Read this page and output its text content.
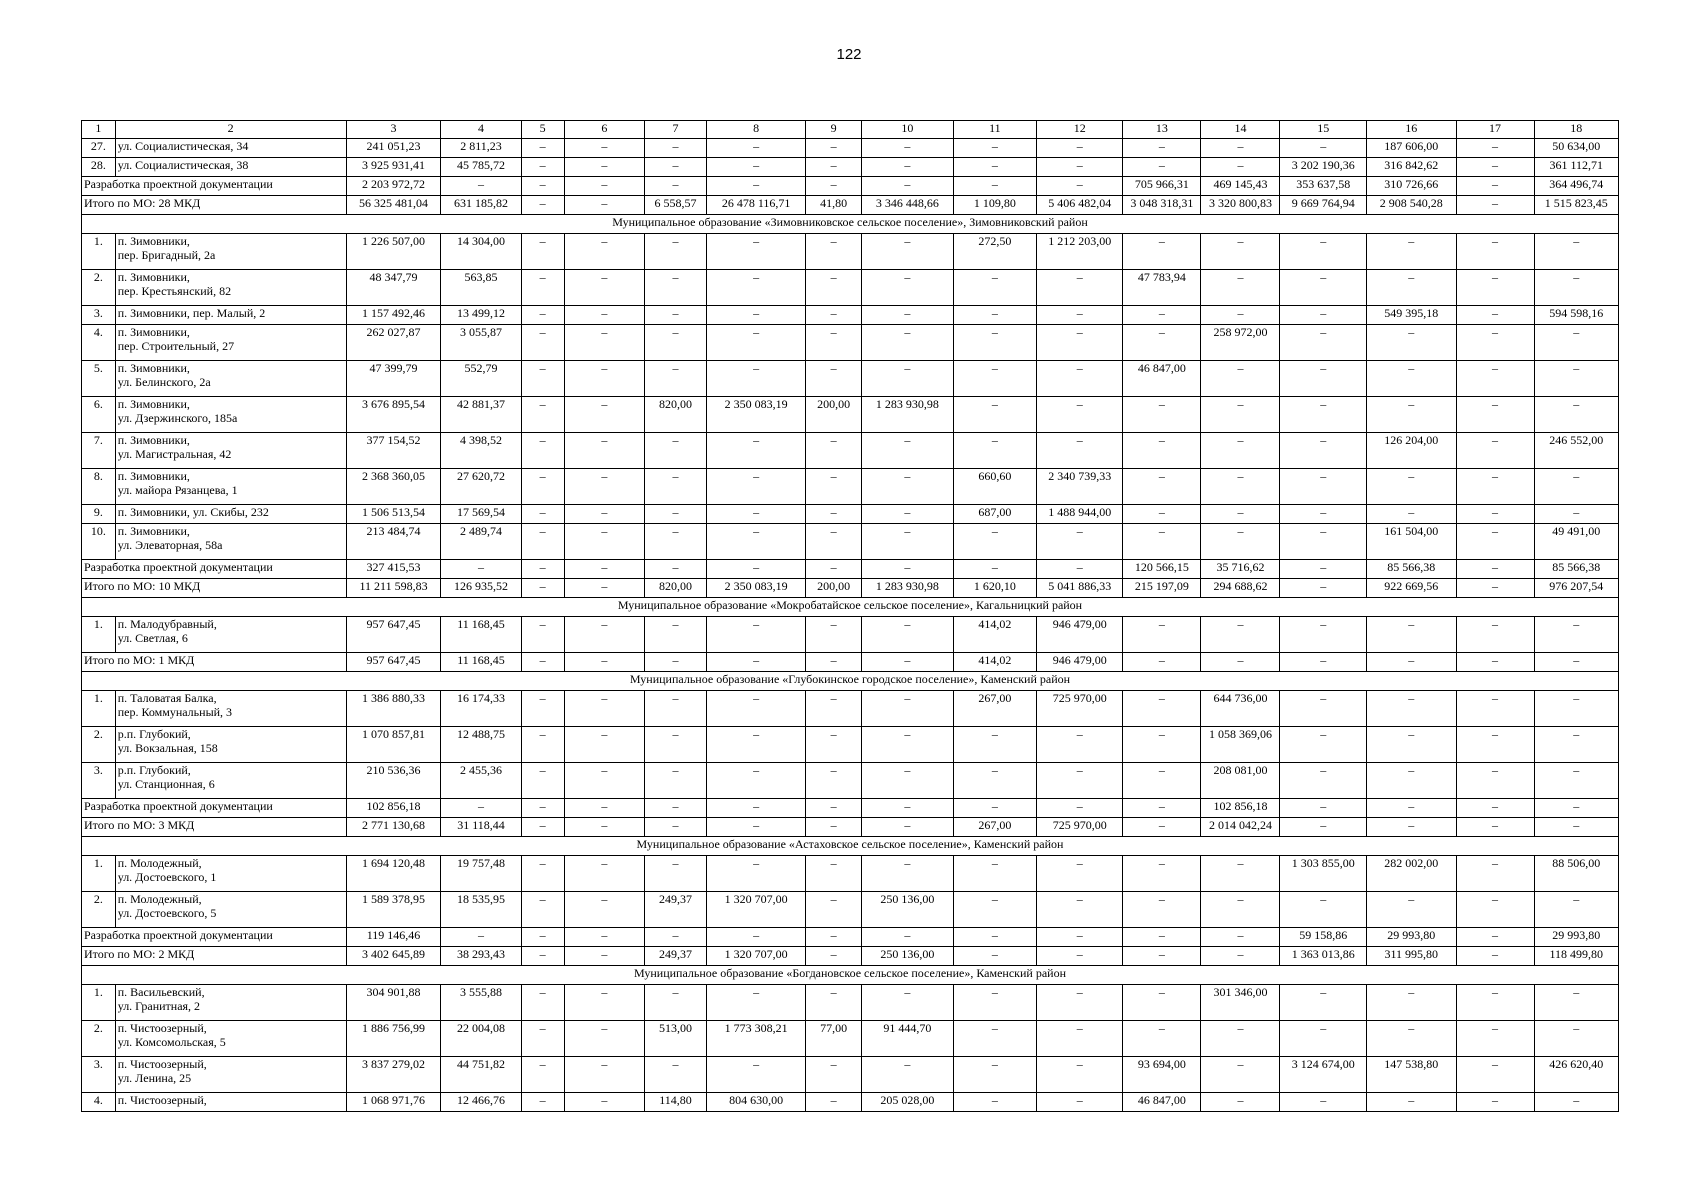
122
1	2	3	4	5	6	7	8	9	10	11	12	13	14	15	16	17	18
27.	ул. Социалистическая, 34	241 051,23	2 811,23	–	–	–	–	–	–	–	–	–	–	–	187 606,00	–	50 634,00
28.	ул. Социалистическая, 38	3 925 931,41	45 785,72	–	–	–	–	–	–	–	–	–	–	3 202 190,36	316 842,62	–	361 112,71
Разработка проектной документации		2 203 972,72	–	–	–	–	–	–	–	–	–	705 966,31	469 145,43	353 637,58	310 726,66	–	364 496,74
Итого по МО: 28 МКД		56 325 481,04	631 185,82	–	–	6 558,57	26 478 116,71	41,80	3 346 448,66	1 109,80	5 406 482,04	3 048 318,31	3 320 800,83	9 669 764,94	2 908 540,28	–	1 515 823,45
Муниципальное образование «Зимовниковское сельское поселение», Зимовниковский район																	
1.	п. Зимовники,
пер. Бригадный, 2а	1 226 507,00	14 304,00	–	–	–	–	–	–	272,50	1 212 203,00	–	–	–	–	–	–
2.	п. Зимовники,
пер. Крестьянский, 82	48 347,79	563,85	–	–	–	–	–	–	–	–	47 783,94	–	–	–	–	–
3.	п. Зимовники, пер. Малый, 2	1 157 492,46	13 499,12	–	–	–	–	–	–	–	–	–	–	–	549 395,18	–	594 598,16
4.	п. Зимовники,
пер. Строительный, 27	262 027,87	3 055,87	–	–	–	–	–	–	–	–	–	258 972,00	–	–	–	–
5.	п. Зимовники,
ул. Белинского, 2а	47 399,79	552,79	–	–	–	–	–	–	–	–	46 847,00	–	–	–	–	–
6.	п. Зимовники,
ул. Дзержинского, 185а	3 676 895,54	42 881,37	–	–	820,00	2 350 083,19	200,00	1 283 930,98	–	–	–	–	–	–	–	–
7.	п. Зимовники,
ул. Магистральная, 42	377 154,52	4 398,52	–	–	–	–	–	–	–	–	–	–	–	126 204,00	–	246 552,00
8.	п. Зимовники,
ул. майора Рязанцева, 1	2 368 360,05	27 620,72	–	–	–	–	–	–	660,60	2 340 739,33	–	–	–	–	–	–
9.	п. Зимовники, ул. Скибы, 232	1 506 513,54	17 569,54	–	–	–	–	–	–	687,00	1 488 944,00	–	–	–	–	–	–
10.	п. Зимовники,
ул. Элеваторная, 58а	213 484,74	2 489,74	–	–	–	–	–	–	–	–	–	–	–	161 504,00	–	49 491,00
Разработка проектной документации		327 415,53	–	–	–	–	–	–	–	–	–	120 566,15	35 716,62	–	85 566,38	–	85 566,38
Итого по МО: 10 МКД		11 211 598,83	126 935,52	–	–	820,00	2 350 083,19	200,00	1 283 930,98	1 620,10	5 041 886,33	215 197,09	294 688,62	–	922 669,56	–	976 207,54
Муниципальное образование «Мокробатайское сельское поселение», Кагальницкий район																	
1.	п. Малодубравный,
ул. Светлая, 6	957 647,45	11 168,45	–	–	–	–	–	–	414,02	946 479,00	–	–	–	–	–	–
Итого по МО: 1 МКД		957 647,45	11 168,45	–	–	–	–	–	–	414,02	946 479,00	–	–	–	–	–	–
Муниципальное образование «Глубокинское городское поселение», Каменский район																	
1.	п. Таловатая Балка,
пер. Коммунальный, 3	1 386 880,33	16 174,33	–	–	–	–	–	–	267,00	725 970,00	–	644 736,00	–	–	–	–
2.	р.п. Глубокий,
ул. Вокзальная, 158	1 070 857,81	12 488,75	–	–	–	–	–	–	–	–	–	1 058 369,06	–	–	–	–
3.	р.п. Глубокий,
ул. Станционная, 6	210 536,36	2 455,36	–	–	–	–	–	–	–	–	–	208 081,00	–	–	–	–
Разработка проектной документации		102 856,18	–	–	–	–	–	–	–	–	–	–	102 856,18	–	–	–	–
Итого по МО: 3 МКД		2 771 130,68	31 118,44	–	–	–	–	–	–	267,00	725 970,00	–	2 014 042,24	–	–	–	–
Муниципальное образование «Астаховское сельское поселение», Каменский район																	
1.	п. Молодежный,
ул. Достоевского, 1	1 694 120,48	19 757,48	–	–	–	–	–	–	–	–	–	–	1 303 855,00	282 002,00	–	88 506,00
2.	п. Молодежный,
ул. Достоевского, 5	1 589 378,95	18 535,95	–	–	249,37	1 320 707,00	–	250 136,00	–	–	–	–	–	–	–	–
Разработка проектной документации		119 146,46	–	–	–	–	–	–	–	–	–	–	–	59 158,86	29 993,80	–	29 993,80
Итого по МО: 2 МКД		3 402 645,89	38 293,43	–	–	249,37	1 320 707,00	–	250 136,00	–	–	–	–	1 363 013,86	311 995,80	–	118 499,80
Муниципальное образование «Богдановское сельское поселение», Каменский район																	
1.	п. Васильевский,
ул. Гранитная, 2	304 901,88	3 555,88	–	–	–	–	–	–	–	–	–	301 346,00	–	–	–	–
2.	п. Чистоозерный,
ул. Комсомольская, 5	1 886 756,99	22 004,08	–	–	513,00	1 773 308,21	77,00	91 444,70	–	–	–	–	–	–	–	–
3.	п. Чистоозерный,
ул. Ленина, 25	3 837 279,02	44 751,82	–	–	–	–	–	–	–	–	93 694,00	–	3 124 674,00	147 538,80	–	426 620,40
4.	п. Чистоозерный,	1 068 971,76	12 466,76	–	–	114,80	804 630,00	–	205 028,00	–	–	46 847,00	–	–	–	–	–
